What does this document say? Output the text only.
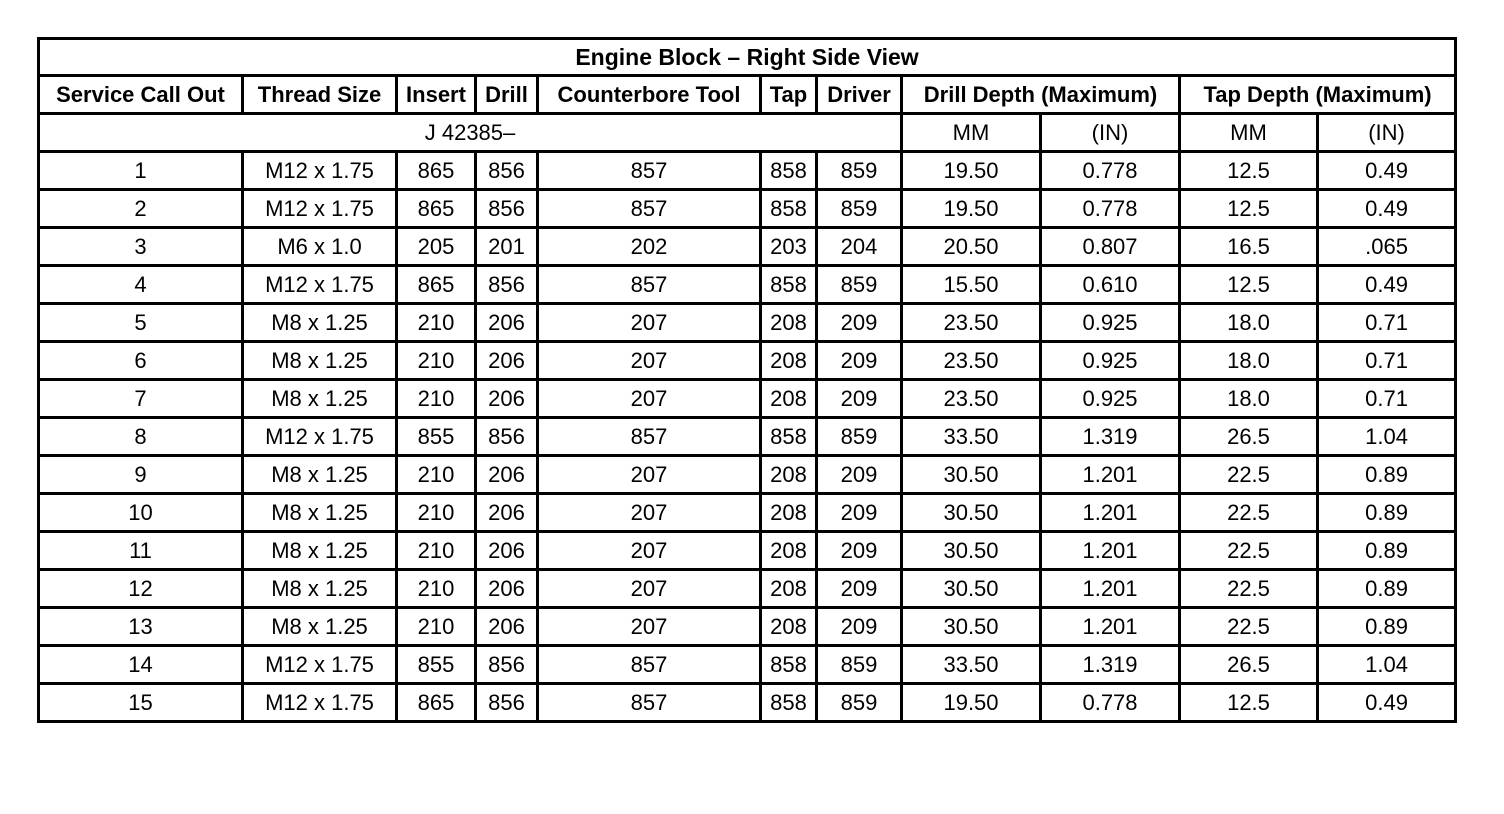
Engine Block – Right Side View										
Service Call Out	Thread Size	Insert	Drill	Counterbore Tool	Tap	Driver	Drill Depth (Maximum)		Tap Depth (Maximum)	
J 42385–							MM	(IN)	MM	(IN)
1	M12 x 1.75	865	856	857	858	859	19.50	0.778	12.5	0.49
2	M12 x 1.75	865	856	857	858	859	19.50	0.778	12.5	0.49
3	M6 x 1.0	205	201	202	203	204	20.50	0.807	16.5	.065
4	M12 x 1.75	865	856	857	858	859	15.50	0.610	12.5	0.49
5	M8 x 1.25	210	206	207	208	209	23.50	0.925	18.0	0.71
6	M8 x 1.25	210	206	207	208	209	23.50	0.925	18.0	0.71
7	M8 x 1.25	210	206	207	208	209	23.50	0.925	18.0	0.71
8	M12 x 1.75	855	856	857	858	859	33.50	1.319	26.5	1.04
9	M8 x 1.25	210	206	207	208	209	30.50	1.201	22.5	0.89
10	M8 x 1.25	210	206	207	208	209	30.50	1.201	22.5	0.89
11	M8 x 1.25	210	206	207	208	209	30.50	1.201	22.5	0.89
12	M8 x 1.25	210	206	207	208	209	30.50	1.201	22.5	0.89
13	M8 x 1.25	210	206	207	208	209	30.50	1.201	22.5	0.89
14	M12 x 1.75	855	856	857	858	859	33.50	1.319	26.5	1.04
15	M12 x 1.75	865	856	857	858	859	19.50	0.778	12.5	0.49
